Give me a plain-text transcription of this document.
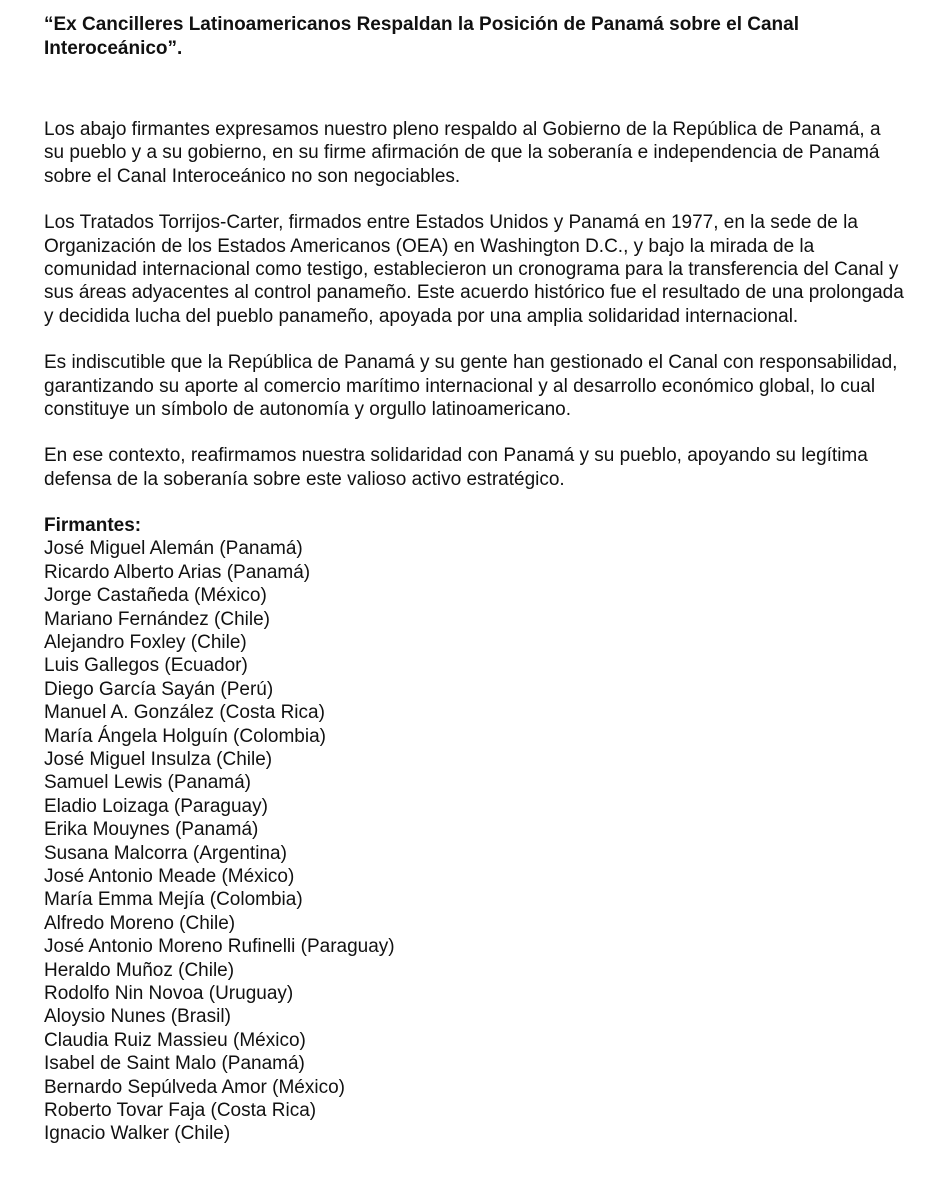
“Ex Cancilleres Latinoamericanos Respaldan la Posición de Panamá sobre el Canal Interoceánico”.

Los abajo firmantes expresamos nuestro pleno respaldo al Gobierno de la República de Panamá, a su pueblo y a su gobierno, en su firme afirmación de que la soberanía e independencia de Panamá sobre el Canal Interoceánico no son negociables.

Los Tratados Torrijos-Carter, firmados entre Estados Unidos y Panamá en 1977, en la sede de la Organización de los Estados Americanos (OEA) en Washington D.C., y bajo la mirada de la comunidad internacional como testigo, establecieron un cronograma para la transferencia del Canal y sus áreas adyacentes al control panameño. Este acuerdo histórico fue el resultado de una prolongada y decidida lucha del pueblo panameño, apoyada por una amplia solidaridad internacional.

Es indiscutible que la República de Panamá y su gente han gestionado el Canal con responsabilidad, garantizando su aporte al comercio marítimo internacional y al desarrollo económico global, lo cual constituye un símbolo de autonomía y orgullo latinoamericano.

En ese contexto, reafirmamos nuestra solidaridad con Panamá y su pueblo, apoyando su legítima defensa de la soberanía sobre este valioso activo estratégico.

Firmantes:
José Miguel Alemán (Panamá)
Ricardo Alberto Arias (Panamá)
Jorge Castañeda (México)
Mariano Fernández (Chile)
Alejandro Foxley (Chile)
Luis Gallegos (Ecuador)
Diego García Sayán (Perú)
Manuel A. González (Costa Rica)
María Ángela Holguín (Colombia)
José Miguel Insulza (Chile)
Samuel Lewis (Panamá)
Eladio Loizaga (Paraguay)
Erika Mouynes (Panamá)
Susana Malcorra (Argentina)
José Antonio Meade (México)
María Emma Mejía (Colombia)
Alfredo Moreno (Chile)
José Antonio Moreno Rufinelli (Paraguay)
Heraldo Muñoz (Chile)
Rodolfo Nin Novoa (Uruguay)
Aloysio Nunes (Brasil)
Claudia Ruiz Massieu (México)
Isabel de Saint Malo (Panamá)
Bernardo Sepúlveda Amor (México)
Roberto Tovar Faja (Costa Rica)
Ignacio Walker (Chile)
